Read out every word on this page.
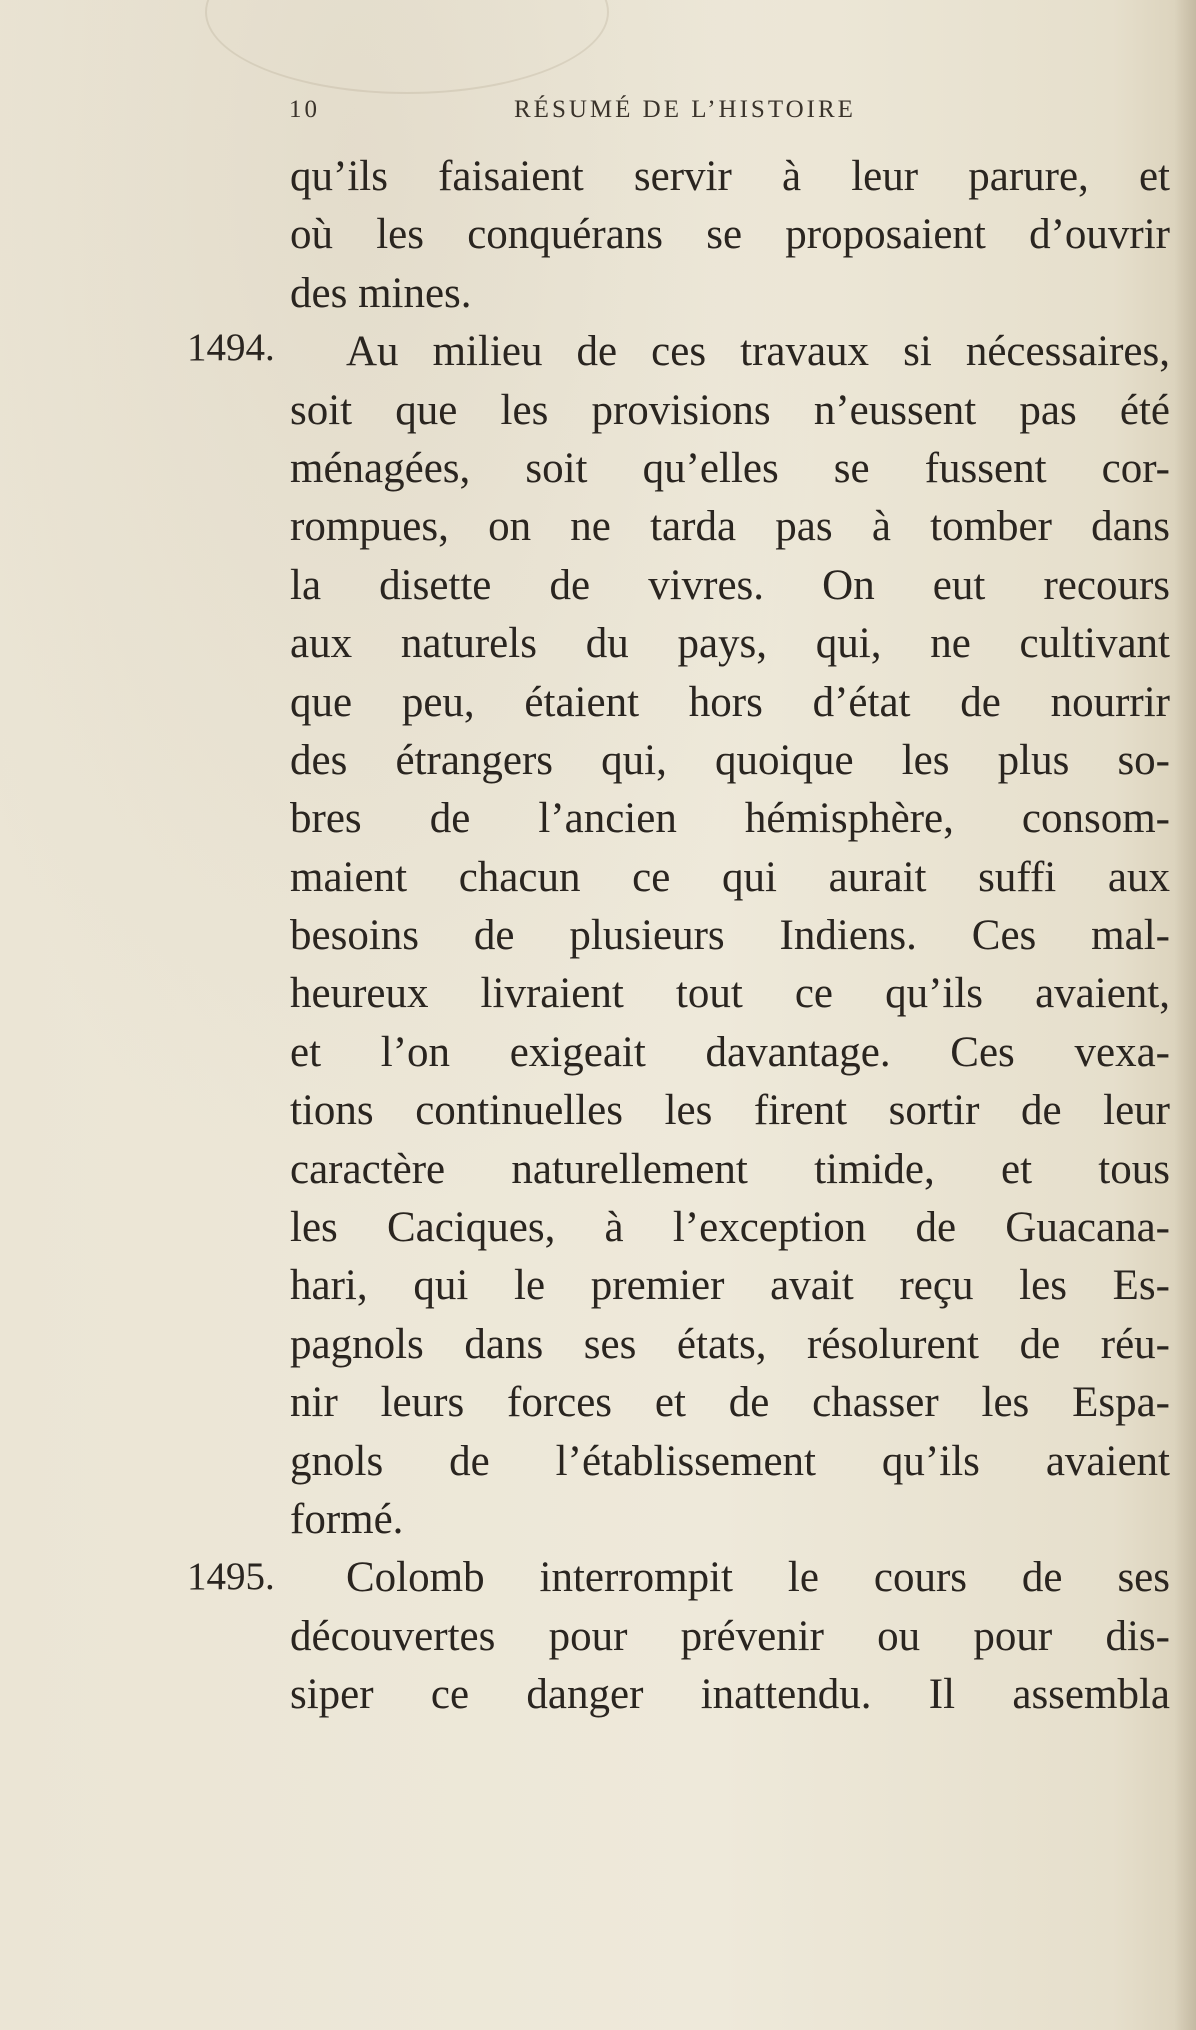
10	RÉSUMÉ DE L’HISTOIRE
1494.
1495.
qu’ils faisaient servir à leur parure, et
où les conquérans se proposaient d’ouvrir
des mines.
Au milieu de ces travaux si nécessaires,
soit que les provisions n’eussent pas été
ménagées, soit qu’elles se fussent cor-
rompues, on ne tarda pas à tomber dans
la disette de vivres. On eut recours
aux naturels du pays, qui, ne cultivant
que peu, étaient hors d’état de nourrir
des étrangers qui, quoique les plus so-
bres de l’ancien hémisphère, consom-
maient chacun ce qui aurait suffi aux
besoins de plusieurs Indiens. Ces mal-
heureux livraient tout ce qu’ils avaient,
et l’on exigeait davantage. Ces vexa-
tions continuelles les firent sortir de leur
caractère naturellement timide, et tous
les Caciques, à l’exception de Guacana-
hari, qui le premier avait reçu les Es-
pagnols dans ses états, résolurent de réu-
nir leurs forces et de chasser les Espa-
gnols de l’établissement qu’ils avaient
formé.
Colomb interrompit le cours de ses
découvertes pour prévenir ou pour dis-
siper ce danger inattendu. Il assembla
